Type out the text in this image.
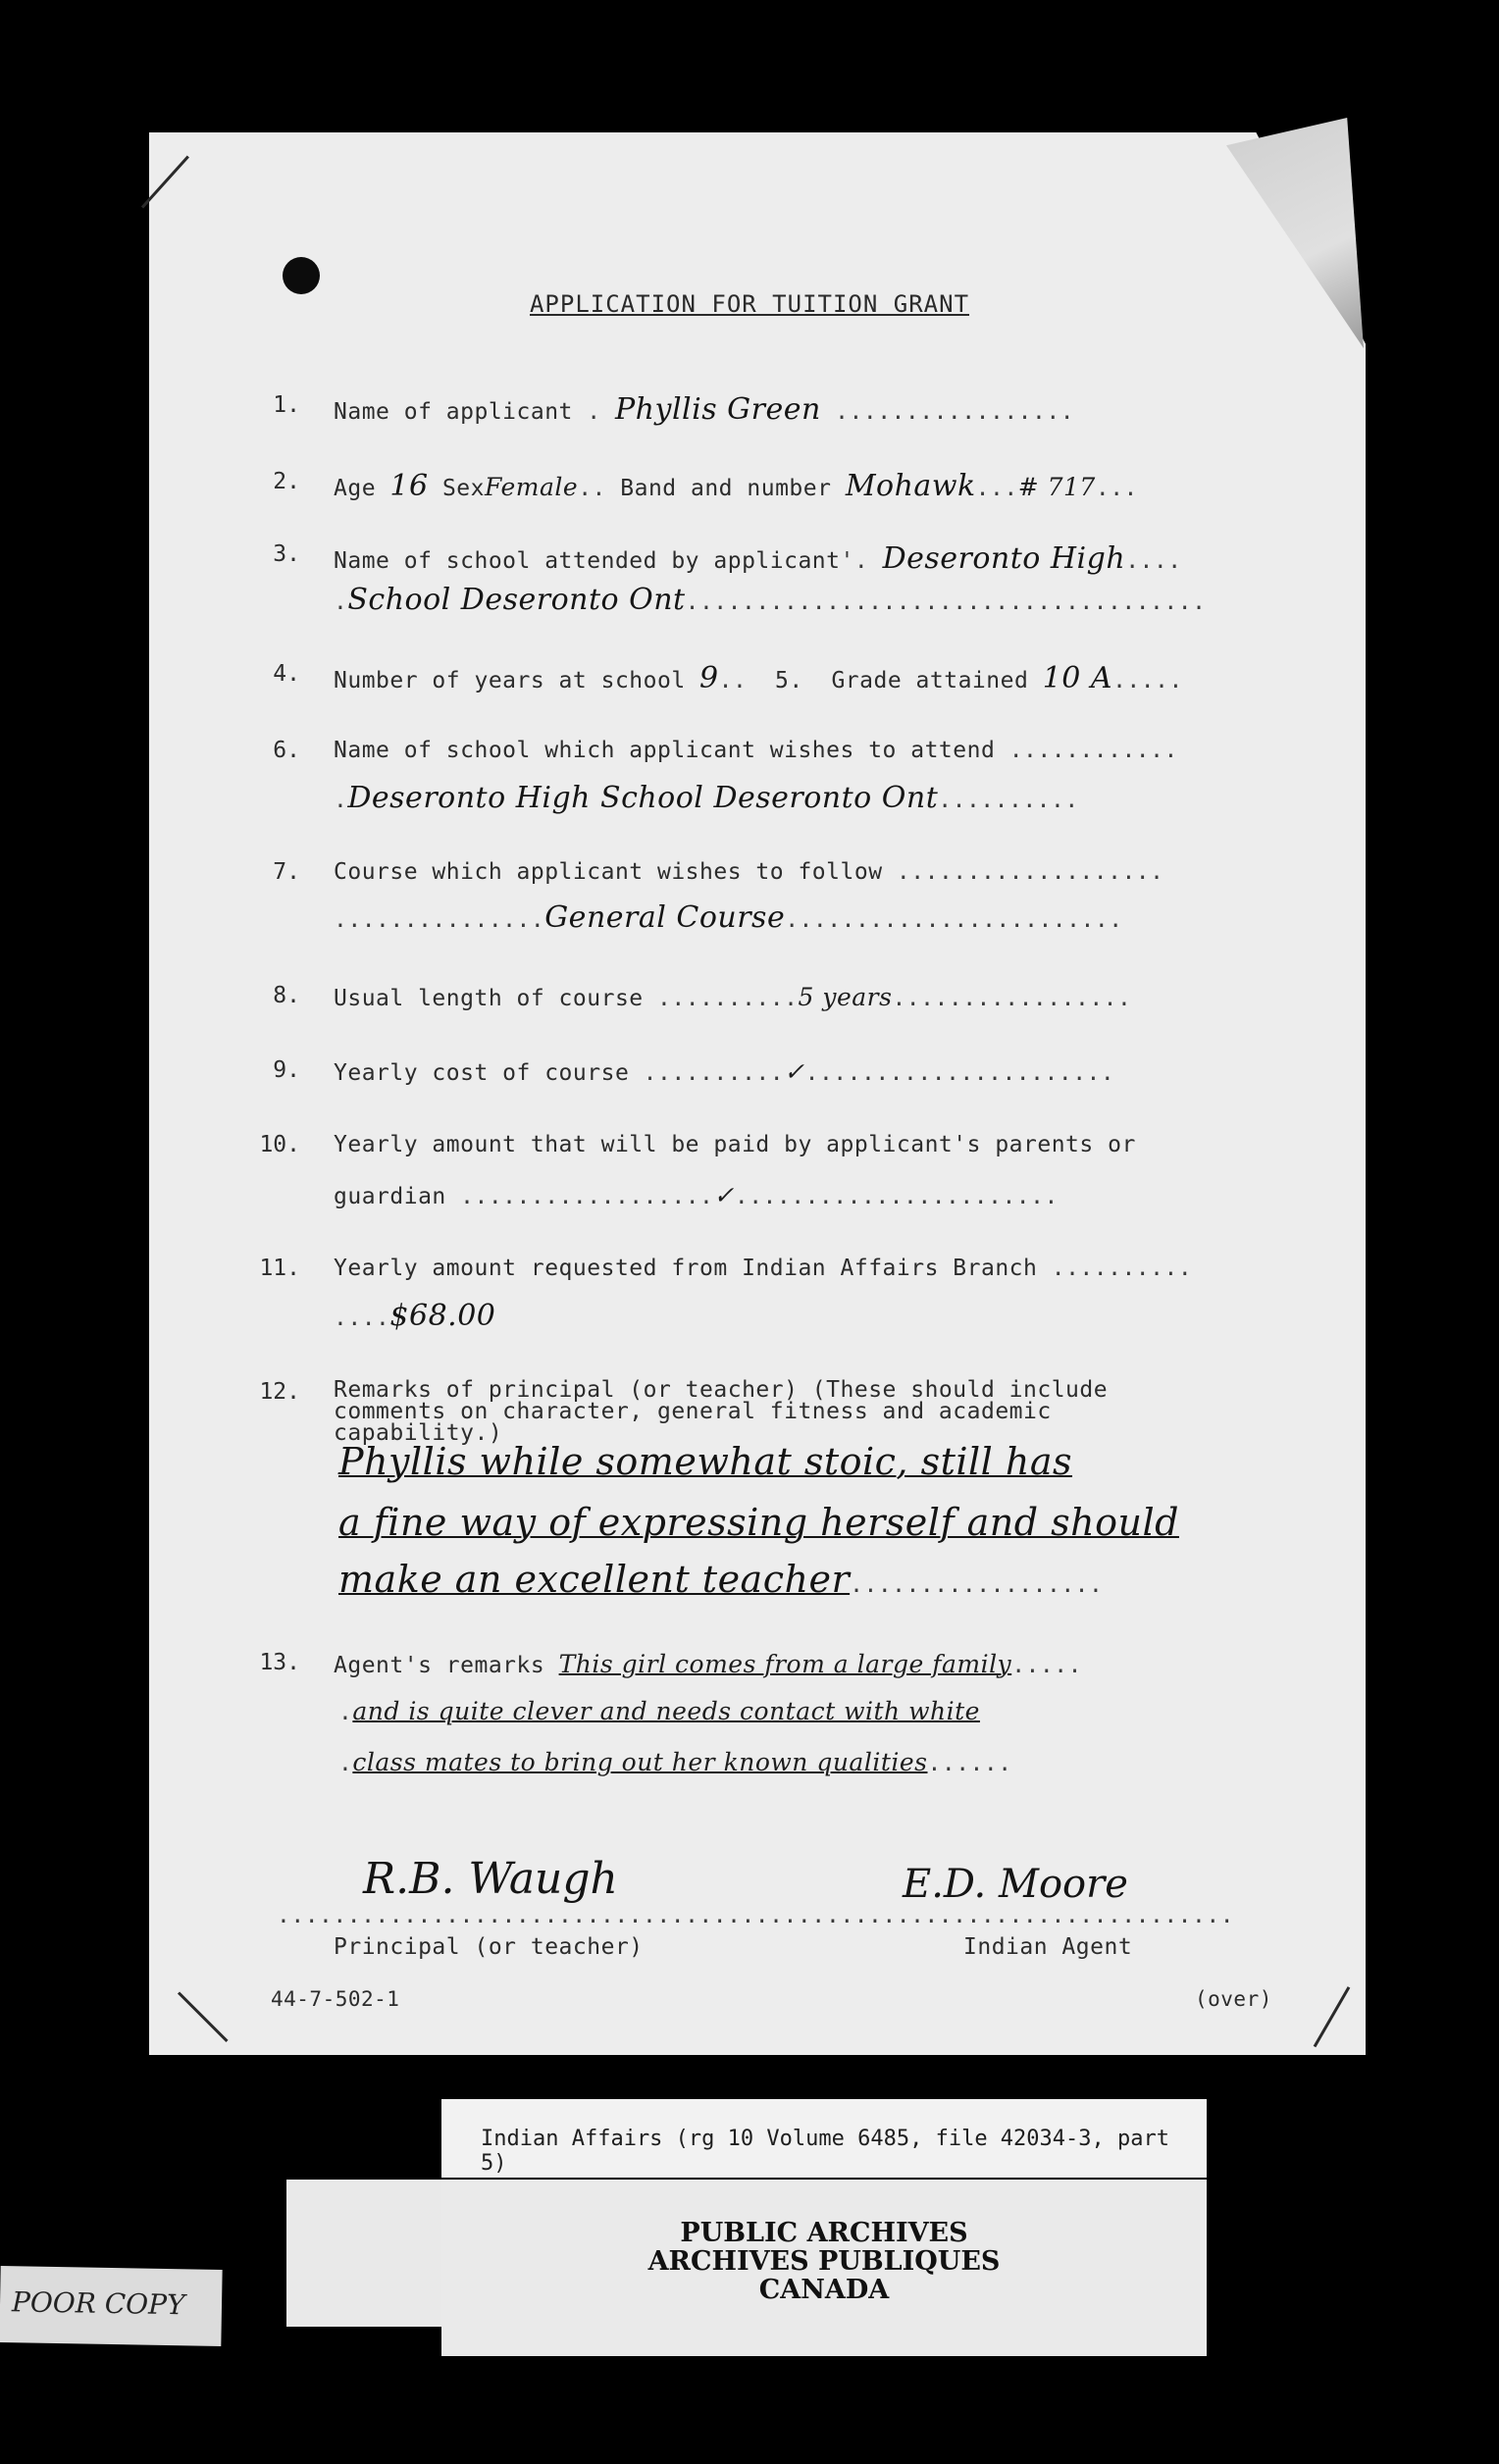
APPLICATION FOR TUITION GRANT
1. Name of applicant . Phyllis Green .................
2. Age 16 SexFemale.. Band and number Mohawk...# 717...
3. Name of school attended by applicant'. Deseronto High....
.School Deseronto Ont.....................................
4. Number of years at school 9.. 5. Grade attained 10 A.....
6. Name of school which applicant wishes to attend ............
.Deseronto High School Deseronto Ont..........
7. Course which applicant wishes to follow ...................
...............General Course........................
8. Usual length of course ..........5 years.................
9. Yearly cost of course ..........✓......................
10. Yearly amount that will be paid by applicant's parents or
guardian ..................✓.......................
11. Yearly amount requested from Indian Affairs Branch ..........
....$68.00
12. Remarks of principal (or teacher) (These should include
comments on character, general fitness and academic
capability.)
Phyllis while somewhat stoic, still has
a fine way of expressing herself and should
make an excellent teacher..................
13. Agent's remarks This girl comes from a large family.....
.and is quite clever and needs contact with white
.class mates to bring out her known qualities......
.......................................
R.B. Waugh
Principal (or teacher)
.............................
E.D. Moore
Indian Agent
44-7-502-1	(over)
Indian Affairs (rg 10 Volume 6485, file 42034-3, part 5)
PUBLIC ARCHIVES
ARCHIVES PUBLIQUES
CANADA
POOR COPY
